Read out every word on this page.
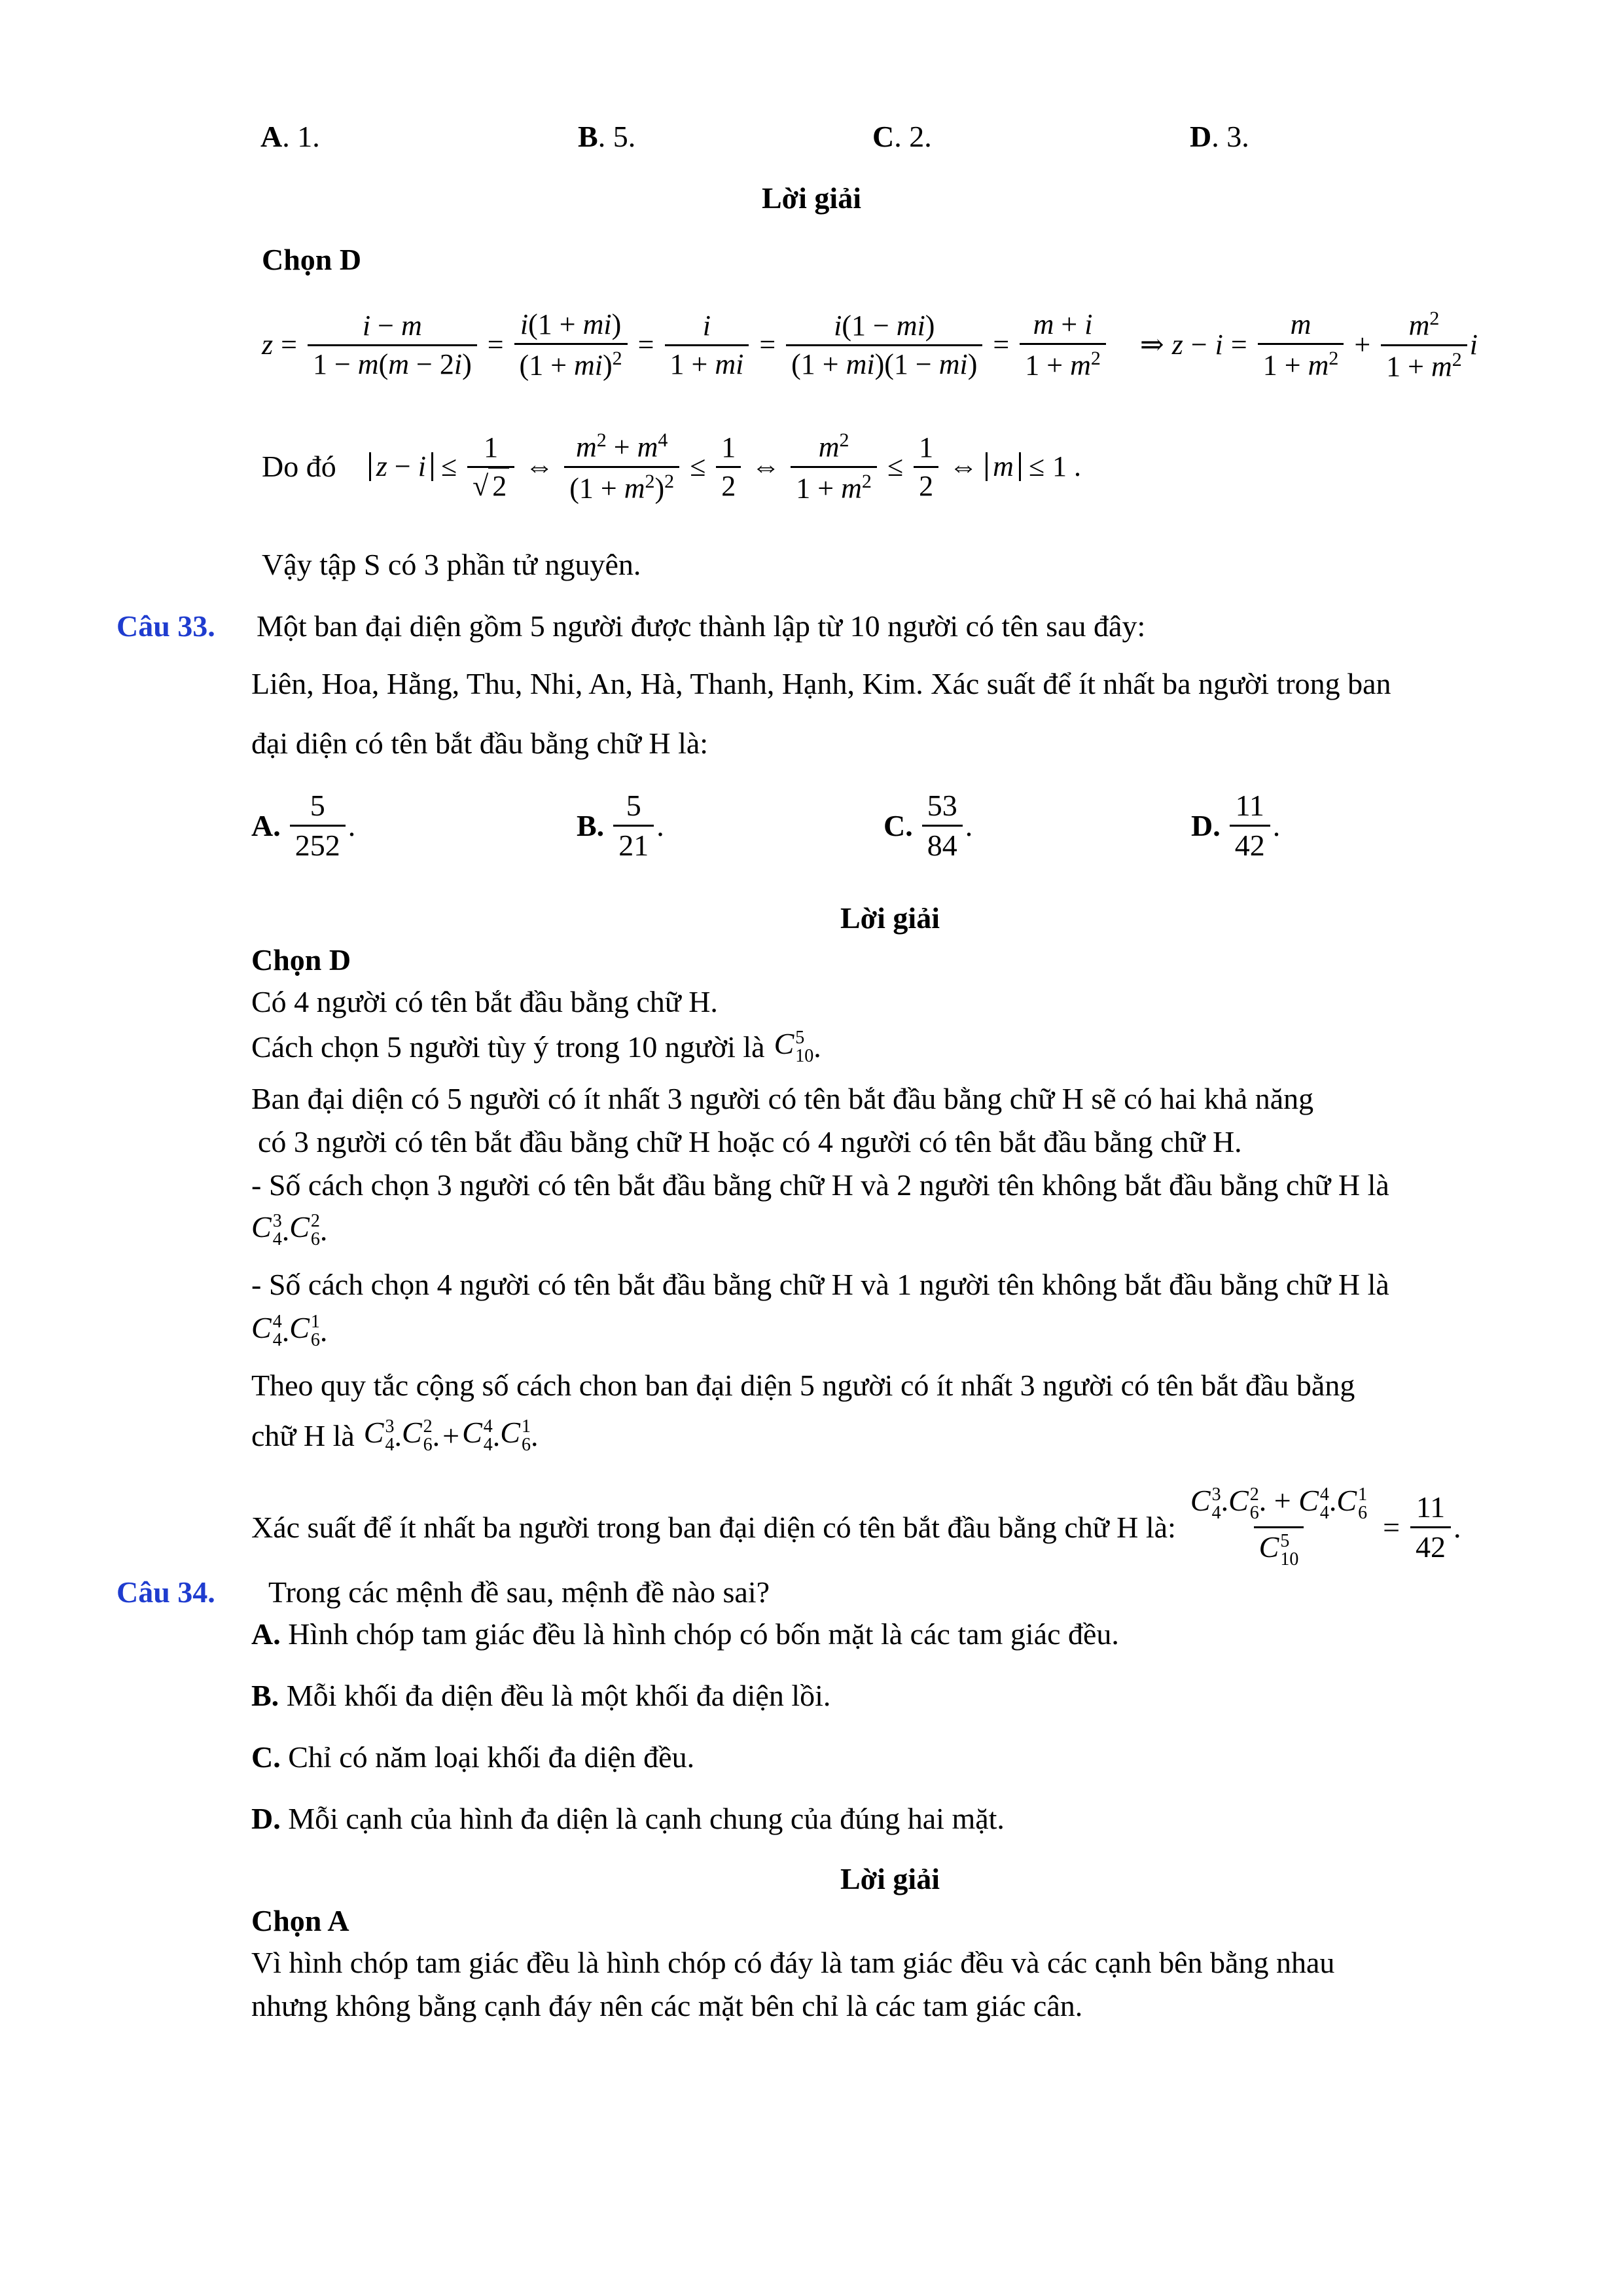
A. 1.	B. 5.	C. 2.	D. 3.
Lời giải
Chọn D
$z = \frac{i - m}{1 - m(m - 2i)} = \frac{i(1 + mi)}{(1 + mi)^2} = \frac{i}{1 + mi} = \frac{i(1 - mi)}{(1 + mi)(1 - mi)} = \frac{m + i}{1 + m^2}$ ⇒ $z - i = \frac{m}{1 + m^2} + \frac{m^2}{1 + m^2}$ i
Do đó $z - i \le \frac{1}{√ 2}$ ⇔ $\frac{m^2 + m^4}{(1 + m^2)^2} \le \frac{1}{2}$ ⇔ $\frac{m^2}{1 + m^2} \le \frac{1}{2}$ ⇔ m ≤ 1 .
Vậy tập S có 3 phần tử nguyên.
Câu 33. Một ban đại diện gồm 5 người được thành lập từ 10 người có tên sau đây:
Liên, Hoa, Hằng, Thu, Nhi, An, Hà, Thanh, Hạnh, Kim. Xác suất để ít nhất ba người trong ban
đại diện có tên bắt đầu bằng chữ H là:
A. $\frac{5}{252}$ .	B. $\frac{5}{21}$ .	C. $\frac{53}{84}$ .	D. $\frac{11}{42}$ .
Lời giải
Chọn D
Có 4 người có tên bắt đầu bằng chữ H.
Cách chọn 5 người tùy ý trong 10 người là C 5
10 .
Ban đại diện có 5 người có ít nhất 3 người có tên bắt đầu bằng chữ H sẽ có hai khả năng
có 3 người có tên bắt đầu bằng chữ H hoặc có 4 người có tên bắt đầu bằng chữ H.
- Số cách chọn 3 người có tên bắt đầu bằng chữ H và 2 người tên không bắt đầu bằng chữ H là
C 3
4 . C 2
6 .
- Số cách chọn 4 người có tên bắt đầu bằng chữ H và 1 người tên không bắt đầu bằng chữ H là
C 4
4 . C 1
6 .
Theo quy tắc cộng số cách chon ban đại diện 5 người có ít nhất 3 người có tên bắt đầu bằng
chữ H là C 3
4 . C 2
6 . + C 4
4 . C 1
6 .
Xác suất để ít nhất ba người trong ban đại diện có tên bắt đầu bằng chữ H là: C 3
4 . C 2
6 . + C 4
4 . C 1
6
C 5
$10 = \frac{11}{42}$ .
Câu 34. Trong các mệnh đề sau, mệnh đề nào sai?
A. Hình chóp tam giác đều là hình chóp có bốn mặt là các tam giác đều.
B. Mỗi khối đa diện đều là một khối đa diện lồi.
C. Chỉ có năm loại khối đa diện đều.
D. Mỗi cạnh của hình đa diện là cạnh chung của đúng hai mặt.
Lời giải
Chọn A
Vì hình chóp tam giác đều là hình chóp có đáy là tam giác đều và các cạnh bên bằng nhau
nhưng không bằng cạnh đáy nên các mặt bên chỉ là các tam giác cân.
